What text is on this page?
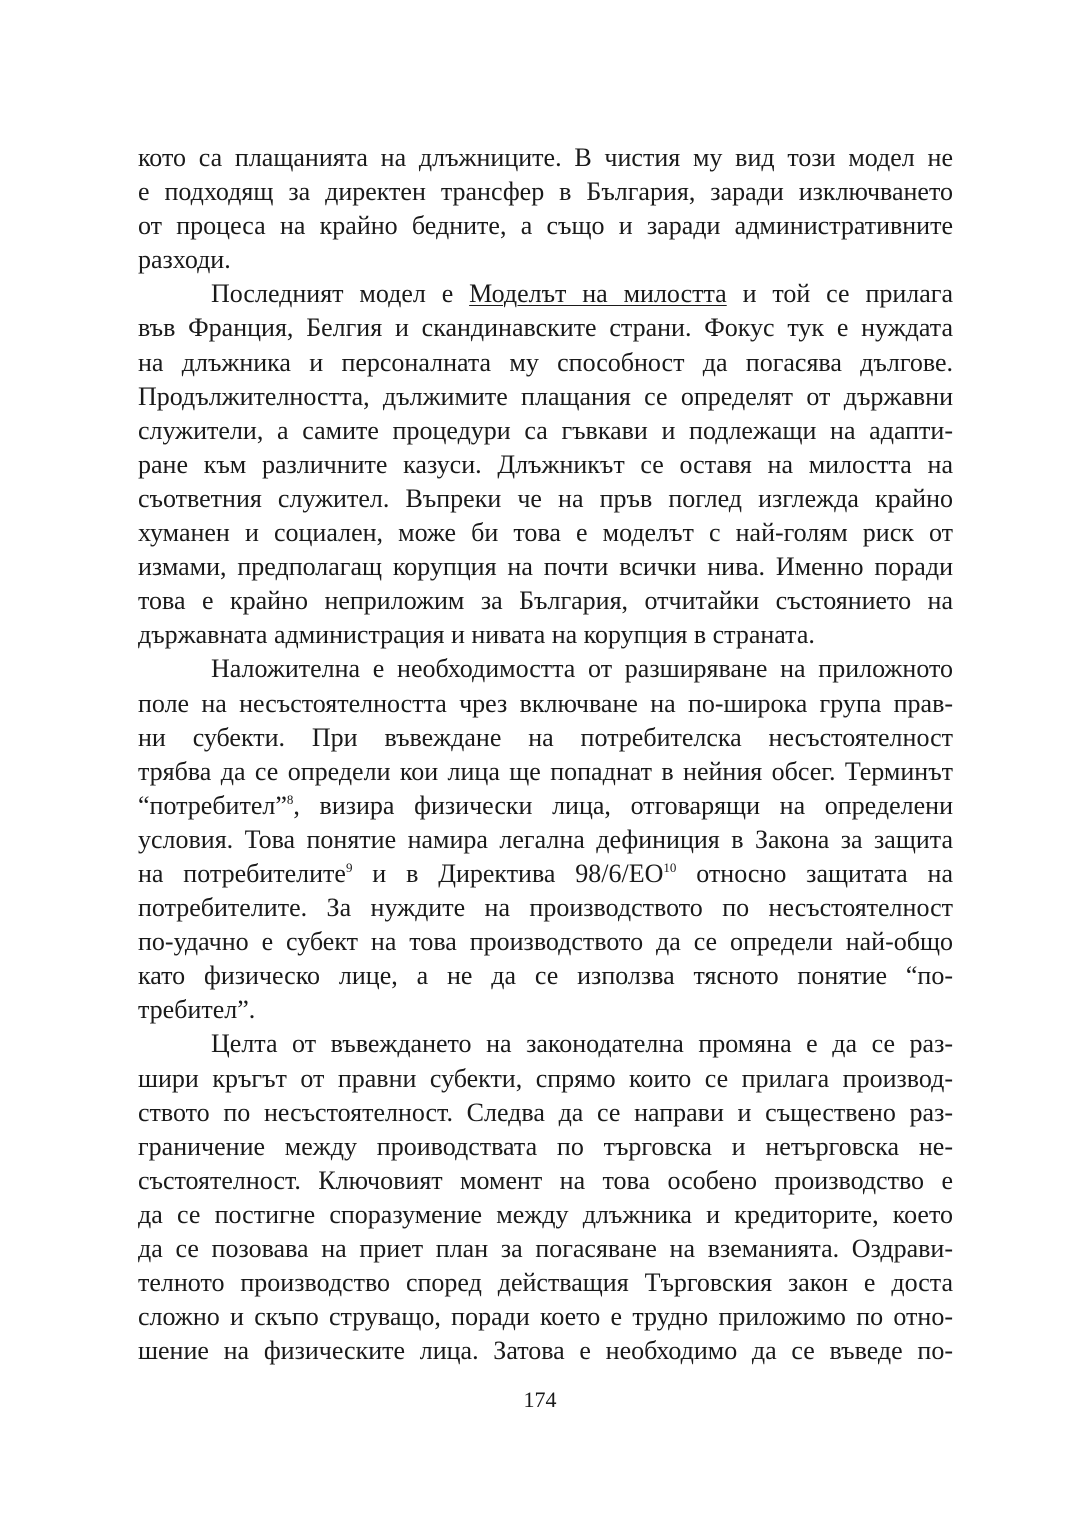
кото са плащанията на длъжниците. В чистия му вид този модел не
е подходящ за директен трансфер в България, заради изключването
от процеса на крайно бедните, а също и заради административните
разходи.
Последният модел е Моделът на милостта и той се прилага
във Франция, Белгия и скандинавските страни. Фокус тук е нуждата
на длъжника и персоналната му способност да погасява дългове.
Продължителността, дължимите плащания се определят от държавни
служители, а самите процедури са гъвкави и подлежащи на адапти-
ране към различните казуси. Длъжникът се оставя на милостта на
съответния служител. Въпреки че на пръв поглед изглежда крайно
хуманен и социален, може би това е моделът с най-голям риск от
измами, предполагащ корупция на почти всички нива. Именно поради
това е крайно неприложим за България, отчитайки състоянието на
държавната администрация и нивата на корупция в страната.
Наложителна е необходимостта от разширяване на приложното
поле на несъстоятелността чрез включване на по-широка група прав-
ни субекти. При въвеждане на потребителска несъстоятелност
трябва да се определи кои лица ще попаднат в нейния обсег. Терминът
“потребител”$^8$, визира физически лица, отговарящи на определени
условия. Това понятие намира легална дефиниция в Закона за защита
на потребителите$^9$ и в Директива 98/6/ЕО$^{10}$ относно защитата на
потребителите. За нуждите на производството по несъстоятелност
по-удачно е субект на това производството да се определи най-общо
като физическо лице, а не да се използва тясното понятие “по-
требител”.
Целта от въвеждането на законодателна промяна е да се раз-
шири кръгът от правни субекти, спрямо които се прилага производ-
ството по несъстоятелност. Следва да се направи и съществено раз-
граничение между проиводствата по търговска и нетърговска не-
състоятелност. Ключовият момент на това особено производство е
да се постигне споразумение между длъжника и кредиторите, което
да се позовава на приет план за погасяване на вземанията. Оздрави-
телното производство според действащия Търговския закон е доста
сложно и скъпо струващо, поради което е трудно приложимо по отно-
шение на физическите лица. Затова е необходимо да се въведе по-
174
